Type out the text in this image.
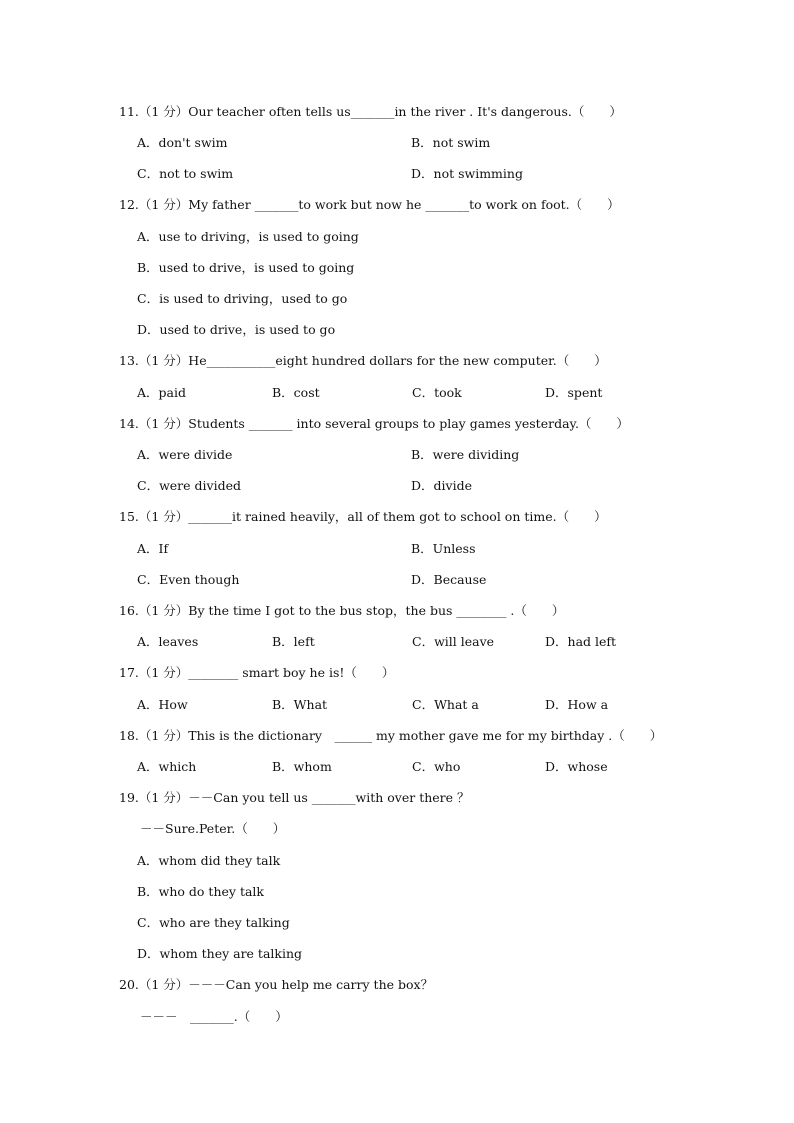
11.（1 分）Our teacher often tells us_______in the river . It's dangerous.（　　）
A．don't swim	B．not swim
C．not to swim	D．not swimming
12.（1 分）My father _______to work but now he _______to work on foot.（　　）
A．use to driving，is used to going
B．used to drive，is used to going
C．is used to driving，used to go
D．used to drive，is used to go
13.（1 分）He___________eight hundred dollars for the new computer.（　　）
A．paid	B．cost	C．took	D．spent
14.（1 分）Students _______ into several groups to play games yesterday.（　　）
A．were divide	B．were dividing
C．were divided	D．divide
15.（1 分）_______it rained heavily，all of them got to school on time.（　　）
A．If	B．Unless
C．Even though	D．Because
16.（1 分）By the time I got to the bus stop，the bus ________ .（　　）
A．leaves	B．left	C．will leave	D．had left
17.（1 分）________ smart boy he is!（　　）
A．How	B．What	C．What a	D．How a
18.（1 分）This is the dictionary　______ my mother gave me for my birthday .（　　）
A．which	B．whom	C．who	D．whose
19.（1 分）－－Can you tell us _______with over there ？
－－Sure.Peter.（　　）
A．whom did they talk
B．who do they talk
C．who are they talking
D．whom they are talking
20.（1 分）－－－Can you help me carry the box？
－－－　_______.（　　）
